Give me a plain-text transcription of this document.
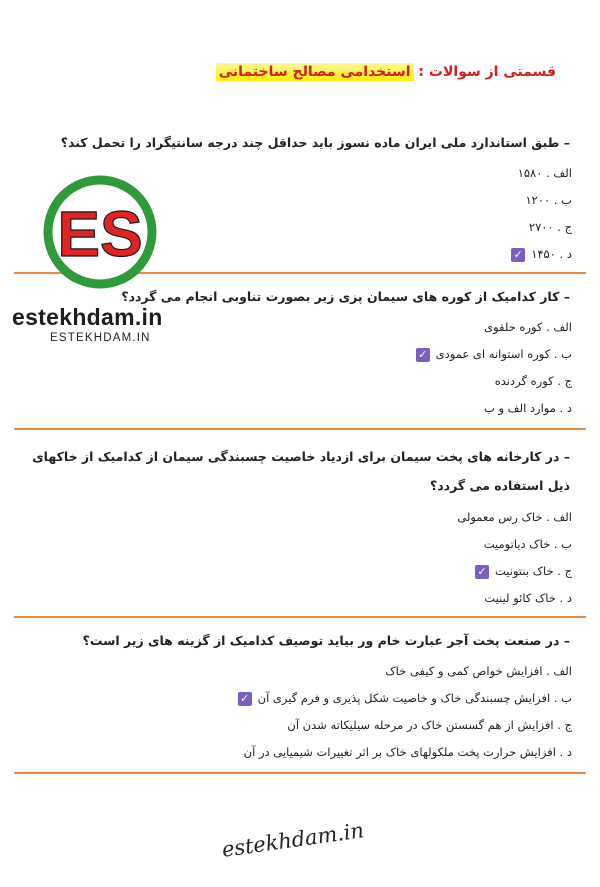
قسمتی از سوالات : استخدامی مصالح ساختمانی

– طبق استاندارد ملی ایران ماده نسوز باید حداقل چند درجه سانتیگراد را تحمل کند؟

الف . ۱۵۸۰
ب . ۱۲۰۰
ج . ۲۷۰۰
د . ۱۴۵۰
✓

– کار کدامیک از کوره های سیمان پزی زیر بصورت تناوبی انجام می گردد؟

الف . کوره حلقوی
ب . کوره استوانه ای عمودی
✓
ج . کوره گردنده
د . موارد الف و ب

– در کارخانه های پخت سیمان برای ازدیاد خاصیت چسبندگی سیمان از کدامیک از خاکهای ذیل استفاده می گردد؟

الف . خاک رس معمولی
ب . خاک دیاتومیت
ج . خاک بنتونیت
✓
د . خاک کائو لینیت

– در صنعت پخت آجر عبارت خام ور بیاید توصیف کدامیک از گزینه های زیر است؟

الف . افزایش خواص کمی و کیفی خاک
ب . افزایش چسبندگی خاک و خاصیت شکل پذیری و فرم گیری آن
✓
ج . افزایش از هم گسستن خاک در مرحله سیلیکاته شدن آن
د . افزایش حرارت پخت ملکولهای خاک بر اثر تغییرات شیمیایی در آن
ES
estekhdam.in
ESTEKHDAM.IN
estekhdam.in
